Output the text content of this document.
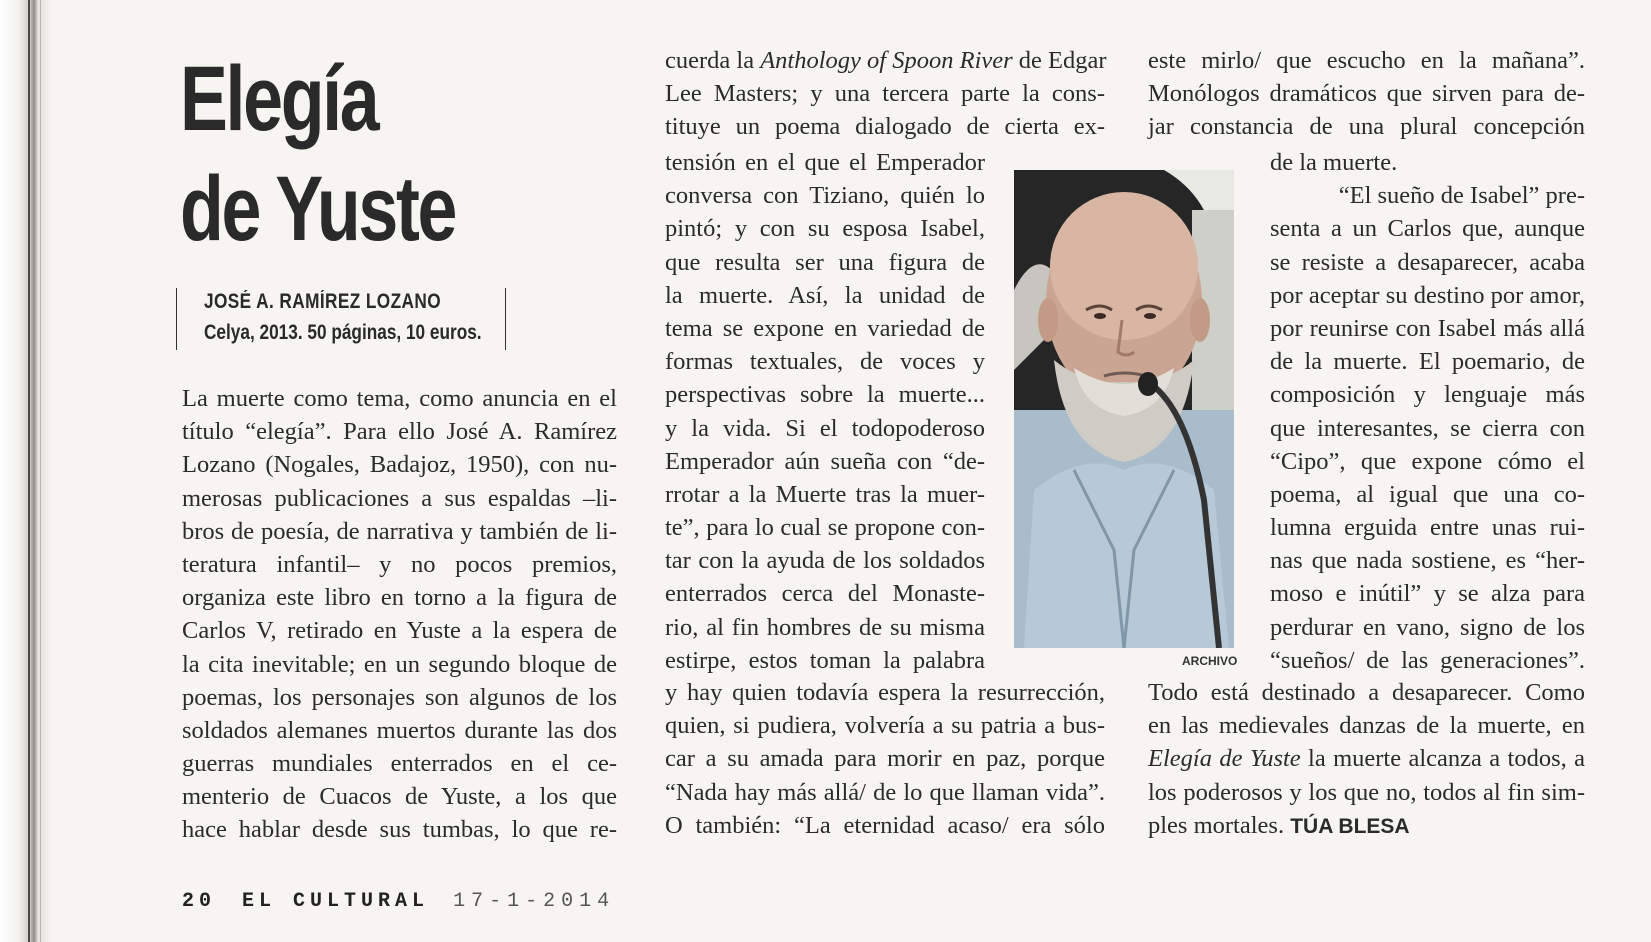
Elegía
de Yuste
JOSÉ A. RAMÍREZ LOZANO
Celya, 2013. 50 páginas, 10 euros.
La muerte como tema, como anuncia en el
título “elegía”. Para ello José A. Ramírez
Lozano (Nogales, Badajoz, 1950), con nu-
merosas publicaciones a sus espaldas –li-
bros de poesía, de narrativa y también de li-
teratura infantil– y no pocos premios,
organiza este libro en torno a la figura de
Carlos V, retirado en Yuste a la espera de
la cita inevitable; en un segundo bloque de
poemas, los personajes son algunos de los
soldados alemanes muertos durante las dos
guerras mundiales enterrados en el ce-
menterio de Cuacos de Yuste, a los que
hace hablar desde sus tumbas, lo que re-
cuerda la Anthology of Spoon River de Edgar
Lee Masters; y una tercera parte la cons-
tituye un poema dialogado de cierta ex-
tensión en el que el Emperador
conversa con Tiziano, quién lo
pintó; y con su esposa Isabel,
que resulta ser una figura de
la muerte. Así, la unidad de
tema se expone en variedad de
formas textuales, de voces y
perspectivas sobre la muerte...
y la vida. Si el todopoderoso
Emperador aún sueña con “de-
rrotar a la Muerte tras la muer-
te”, para lo cual se propone con-
tar con la ayuda de los soldados
enterrados cerca del Monaste-
rio, al fin hombres de su misma
estirpe, estos toman la palabra
y hay quien todavía espera la resurrección,
quien, si pudiera, volvería a su patria a bus-
car a su amada para morir en paz, porque
“Nada hay más allá/ de lo que llaman vida”.
O también: “La eternidad acaso/ era sólo
ARCHIVO
este mirlo/ que escucho en la mañana”.
Monólogos dramáticos que sirven para de-
jar constancia de una plural concepción
de la muerte.
“El sueño de Isabel” pre-
senta a un Carlos que, aunque
se resiste a desaparecer, acaba
por aceptar su destino por amor,
por reunirse con Isabel más allá
de la muerte. El poemario, de
composición y lenguaje más
que interesantes, se cierra con
“Cipo”, que expone cómo el
poema, al igual que una co-
lumna erguida entre unas rui-
nas que nada sostiene, es “her-
moso e inútil” y se alza para
perdurar en vano, signo de los
“sueños/ de las generaciones”.
Todo está destinado a desaparecer. Como
en las medievales danzas de la muerte, en
Elegía de Yuste la muerte alcanza a todos, a
los poderosos y los que no, todos al fin sim-
ples mortales. TÚA BLESA
20 EL CULTURAL 17-1-2014
